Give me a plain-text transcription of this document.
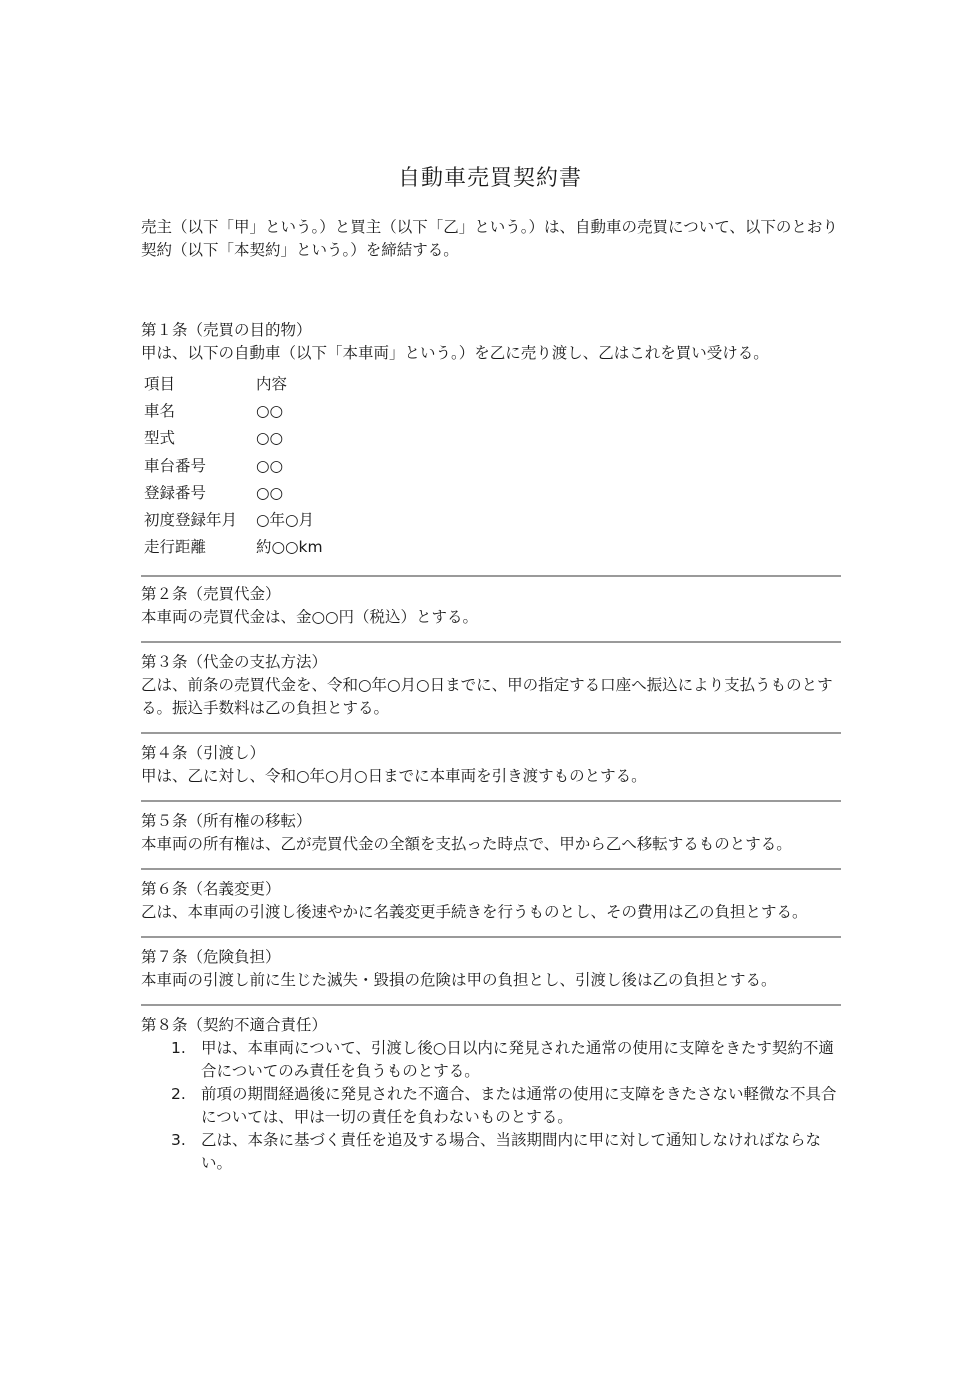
自動車売買契約書

売主（以下「甲」という。）と買主（以下「乙」という。）は、自動車の売買について、以下のとおり契約（以下「本契約」という。）を締結する。

第１条（売買の目的物）

甲は、以下の自動車（以下「本車両」という。）を乙に売り渡し、乙はこれを買い受ける。

項目	内容
車名	○○
型式	○○
車台番号	○○
登録番号	○○
初度登録年月	○年○月
走行距離	約○○km

第２条（売買代金）

本車両の売買代金は、金○○円（税込）とする。

第３条（代金の支払方法）

乙は、前条の売買代金を、令和○年○月○日までに、甲の指定する口座へ振込により支払うものとする。振込手数料は乙の負担とする。

第４条（引渡し）

甲は、乙に対し、令和○年○月○日までに本車両を引き渡すものとする。

第５条（所有権の移転）

本車両の所有権は、乙が売買代金の全額を支払った時点で、甲から乙へ移転するものとする。

第６条（名義変更）

乙は、本車両の引渡し後速やかに名義変更手続きを行うものとし、その費用は乙の負担とする。

第７条（危険負担）

本車両の引渡し前に生じた滅失・毀損の危険は甲の負担とし、引渡し後は乙の負担とする。

第８条（契約不適合責任）

1. 甲は、本車両について、引渡し後○日以内に発見された通常の使用に支障をきたす契約不適合についてのみ責任を負うものとする。
2. 前項の期間経過後に発見された不適合、または通常の使用に支障をきたさない軽微な不具合については、甲は一切の責任を負わないものとする。
3. 乙は、本条に基づく責任を追及する場合、当該期間内に甲に対して通知しなければならない。
